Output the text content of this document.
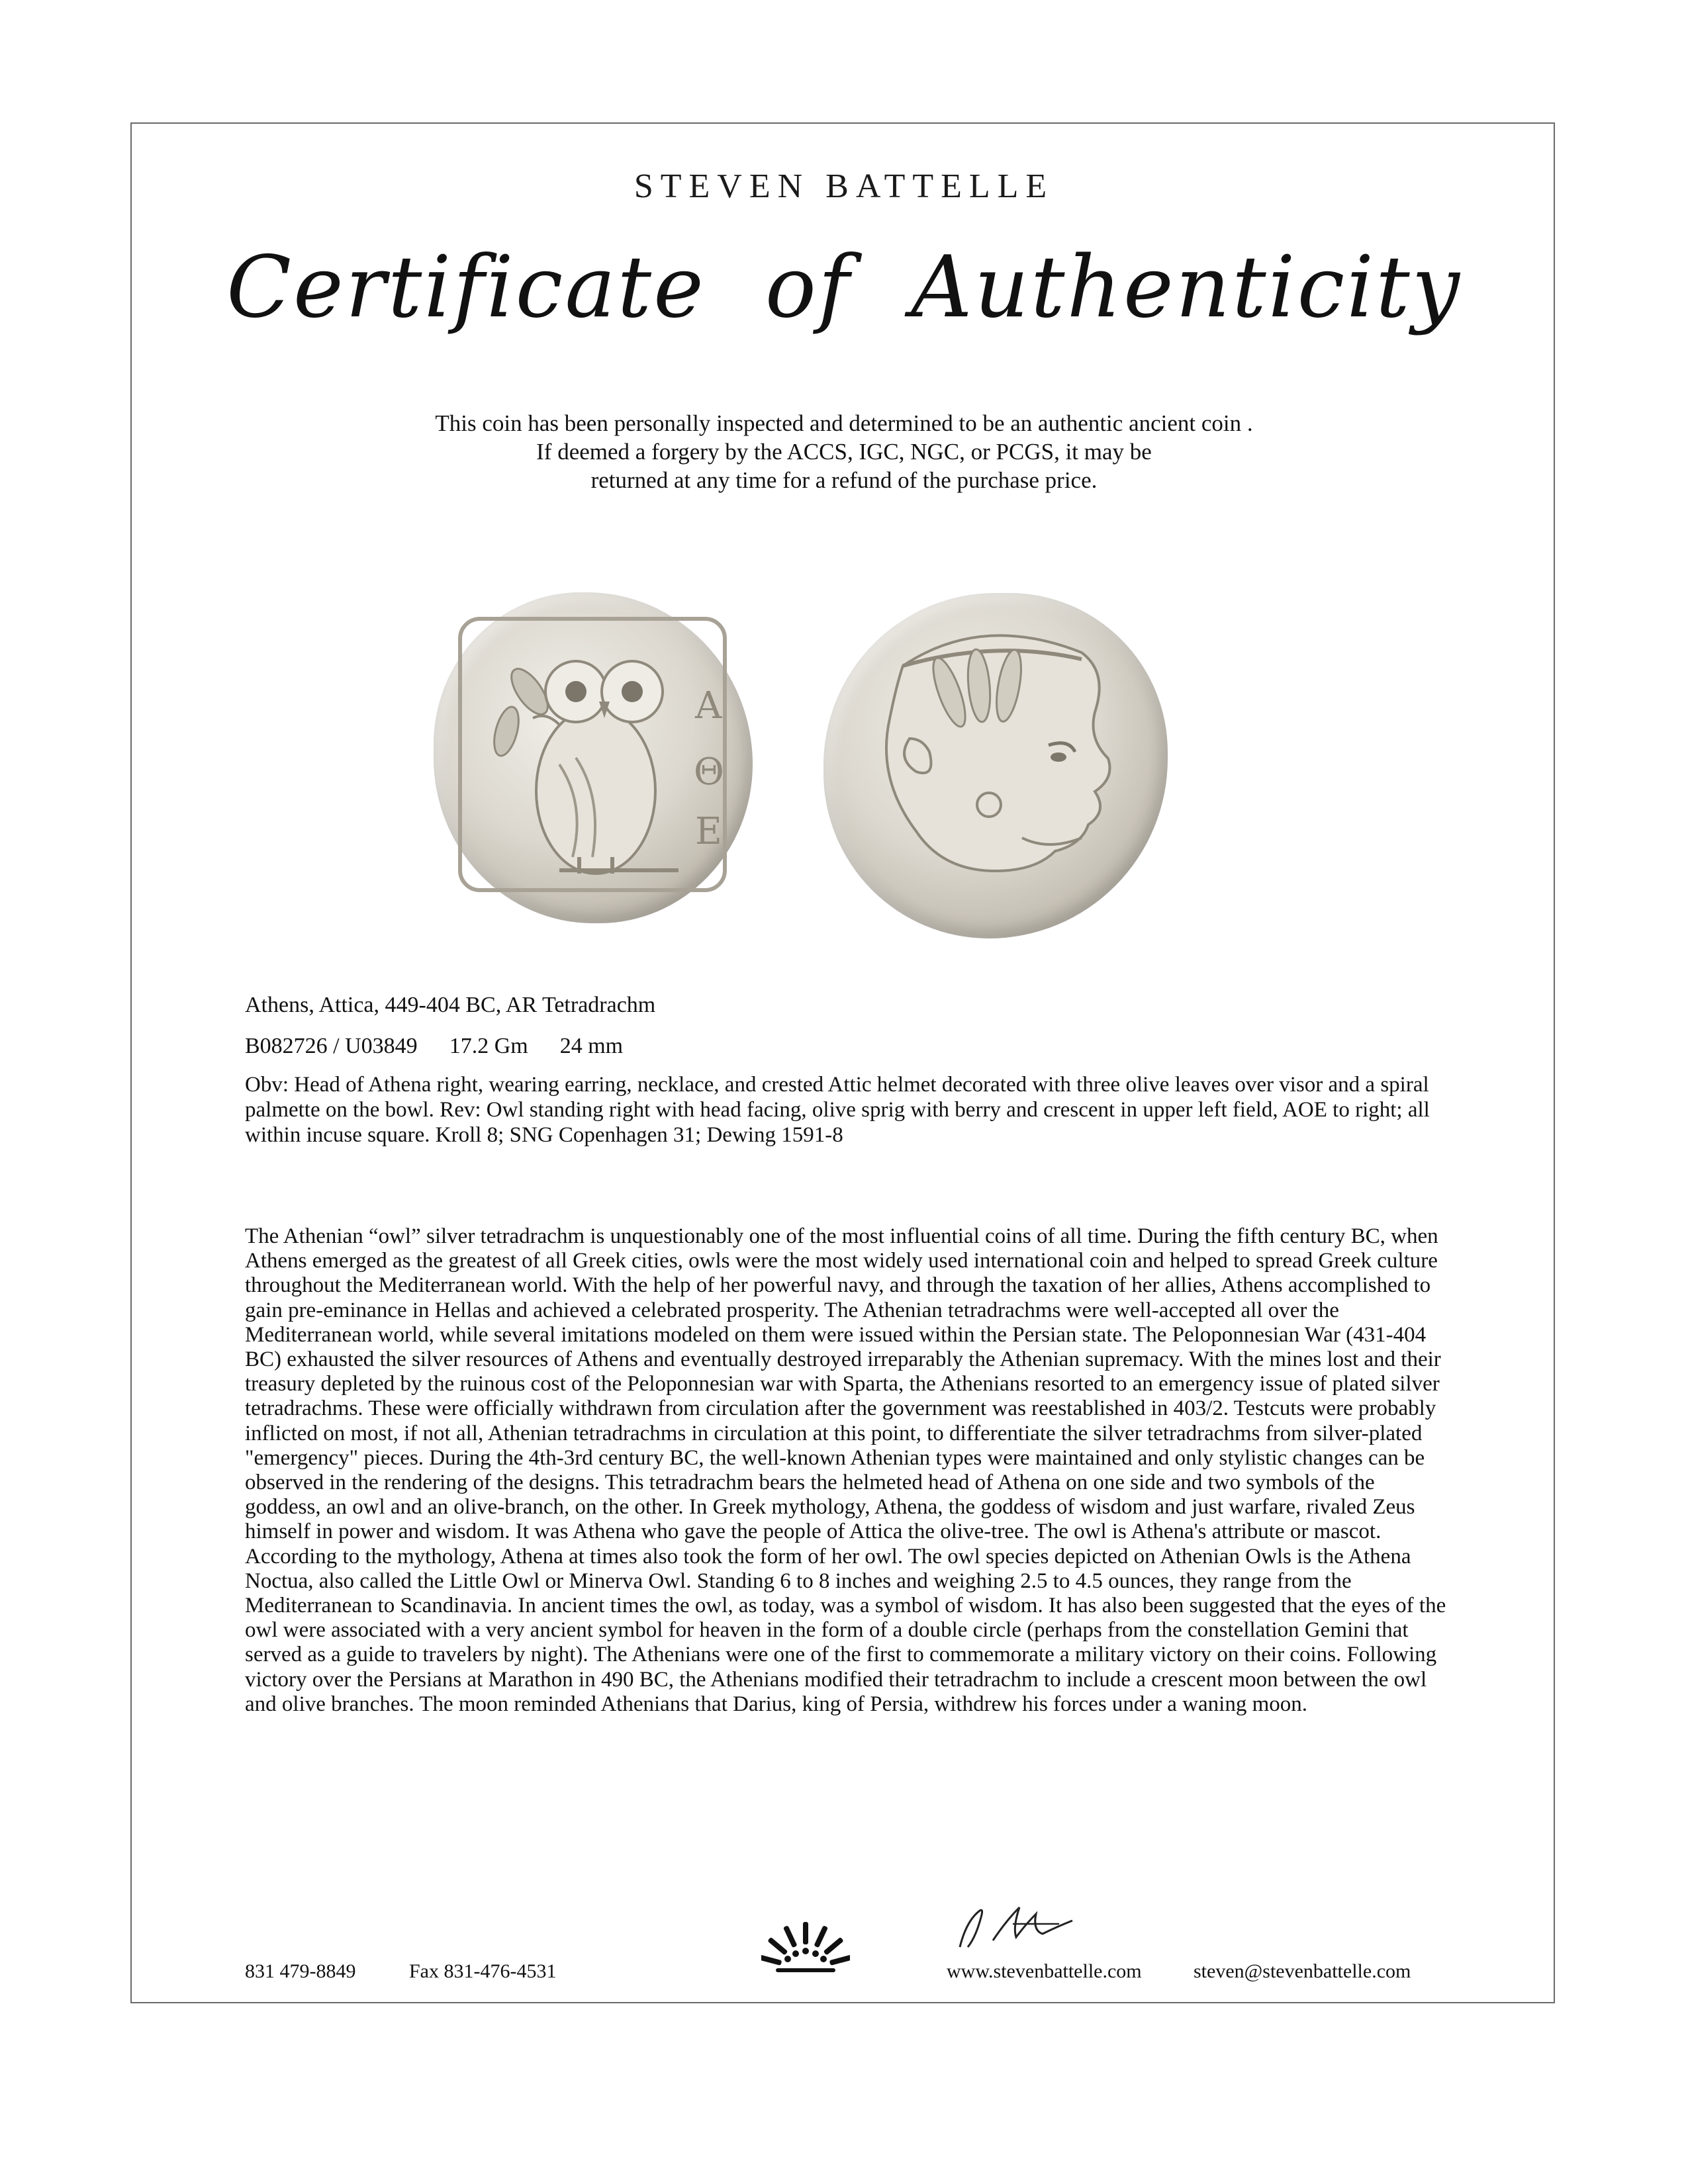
STEVEN BATTELLE
Certificate of Authenticity
This coin has been personally inspected and determined to be an authentic ancient coin .
If deemed a forgery by the ACCS, IGC, NGC, or PCGS, it may be
returned at any time for a refund of the purchase price.
Α
Θ
Ε
Athens, Attica, 449-404 BC, AR Tetradrachm
B082726 / U03849 17.2 Gm 24 mm
Obv: Head of Athena right, wearing earring, necklace, and crested Attic helmet decorated with three olive leaves over visor and a spiral palmette on the bowl. Rev: Owl standing right with head facing, olive sprig with berry and crescent in upper left field, AOE to right; all within incuse square. Kroll 8; SNG Copenhagen 31; Dewing 1591-8
The Athenian “owl” silver tetradrachm is unquestionably one of the most influential coins of all time. During the fifth century BC, when Athens emerged as the greatest of all Greek cities, owls were the most widely used international coin and helped to spread Greek culture throughout the Mediterranean world. With the help of her powerful navy, and through the taxation of her allies, Athens accomplished to gain pre-eminance in Hellas and achieved a celebrated prosperity. The Athenian tetradrachms were well-accepted all over the Mediterranean world, while several imitations modeled on them were issued within the Persian state. The Peloponnesian War (431-404 BC) exhausted the silver resources of Athens and eventually destroyed irreparably the Athenian supremacy. With the mines lost and their treasury depleted by the ruinous cost of the Peloponnesian war with Sparta, the Athenians resorted to an emergency issue of plated silver tetradrachms. These were officially withdrawn from circulation after the government was reestablished in 403/2. Testcuts were probably inflicted on most, if not all, Athenian tetradrachms in circulation at this point, to differentiate the silver tetradrachms from silver-plated "emergency" pieces. During the 4th-3rd century BC, the well-known Athenian types were maintained and only stylistic changes can be observed in the rendering of the designs. This tetradrachm bears the helmeted head of Athena on one side and two symbols of the goddess, an owl and an olive-branch, on the other. In Greek mythology, Athena, the goddess of wisdom and just warfare, rivaled Zeus himself in power and wisdom. It was Athena who gave the people of Attica the olive-tree. The owl is Athena's attribute or mascot. According to the mythology, Athena at times also took the form of her owl. The owl species depicted on Athenian Owls is the Athena Noctua, also called the Little Owl or Minerva Owl. Standing 6 to 8 inches and weighing 2.5 to 4.5 ounces, they range from the Mediterranean to Scandinavia. In ancient times the owl, as today, was a symbol of wisdom. It has also been suggested that the eyes of the owl were associated with a very ancient symbol for heaven in the form of a double circle (perhaps from the constellation Gemini that served as a guide to travelers by night). The Athenians were one of the first to commemorate a military victory on their coins. Following victory over the Persians at Marathon in 490 BC, the Athenians modified their tetradrachm to include a crescent moon between the owl and olive branches. The moon reminded Athenians that Darius, king of Persia, withdrew his forces under a waning moon.
831 479-8849	Fax 831-476-4531	www.stevenbattelle.com	steven@stevenbattelle.com
